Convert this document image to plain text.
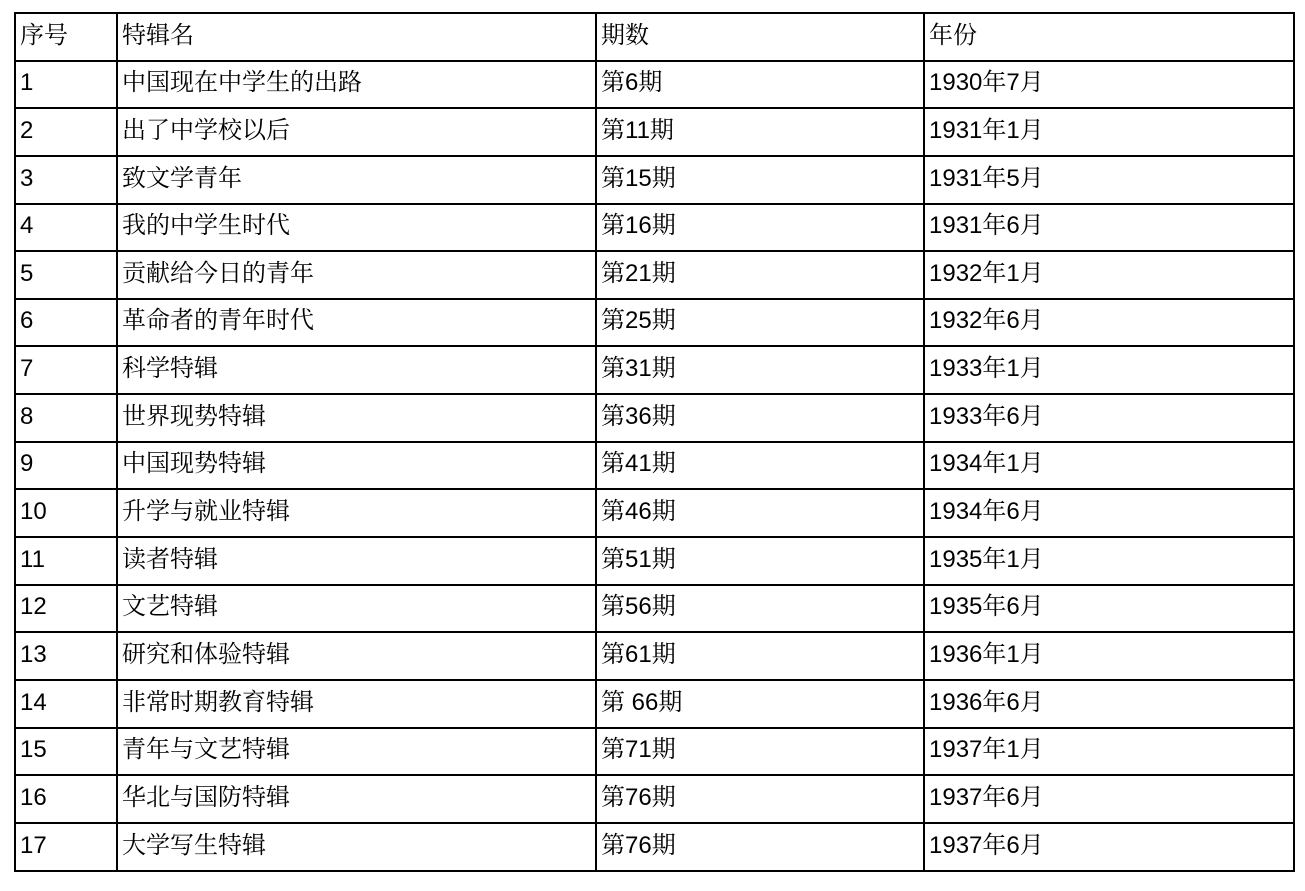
序号	特辑名	期数	年份
1	中国现在中学生的出路	第6期	1930年7月
2	出了中学校以后	第11期	1931年1月
3	致文学青年	第15期	1931年5月
4	我的中学生时代	第16期	1931年6月
5	贡献给今日的青年	第21期	1932年1月
6	革命者的青年时代	第25期	1932年6月
7	科学特辑	第31期	1933年1月
8	世界现势特辑	第36期	1933年6月
9	中国现势特辑	第41期	1934年1月
10	升学与就业特辑	第46期	1934年6月
11	读者特辑	第51期	1935年1月
12	文艺特辑	第56期	1935年6月
13	研究和体验特辑	第61期	1936年1月
14	非常时期教育特辑	第 66期	1936年6月
15	青年与文艺特辑	第71期	1937年1月
16	华北与国防特辑	第76期	1937年6月
17	大学写生特辑	第76期	1937年6月
